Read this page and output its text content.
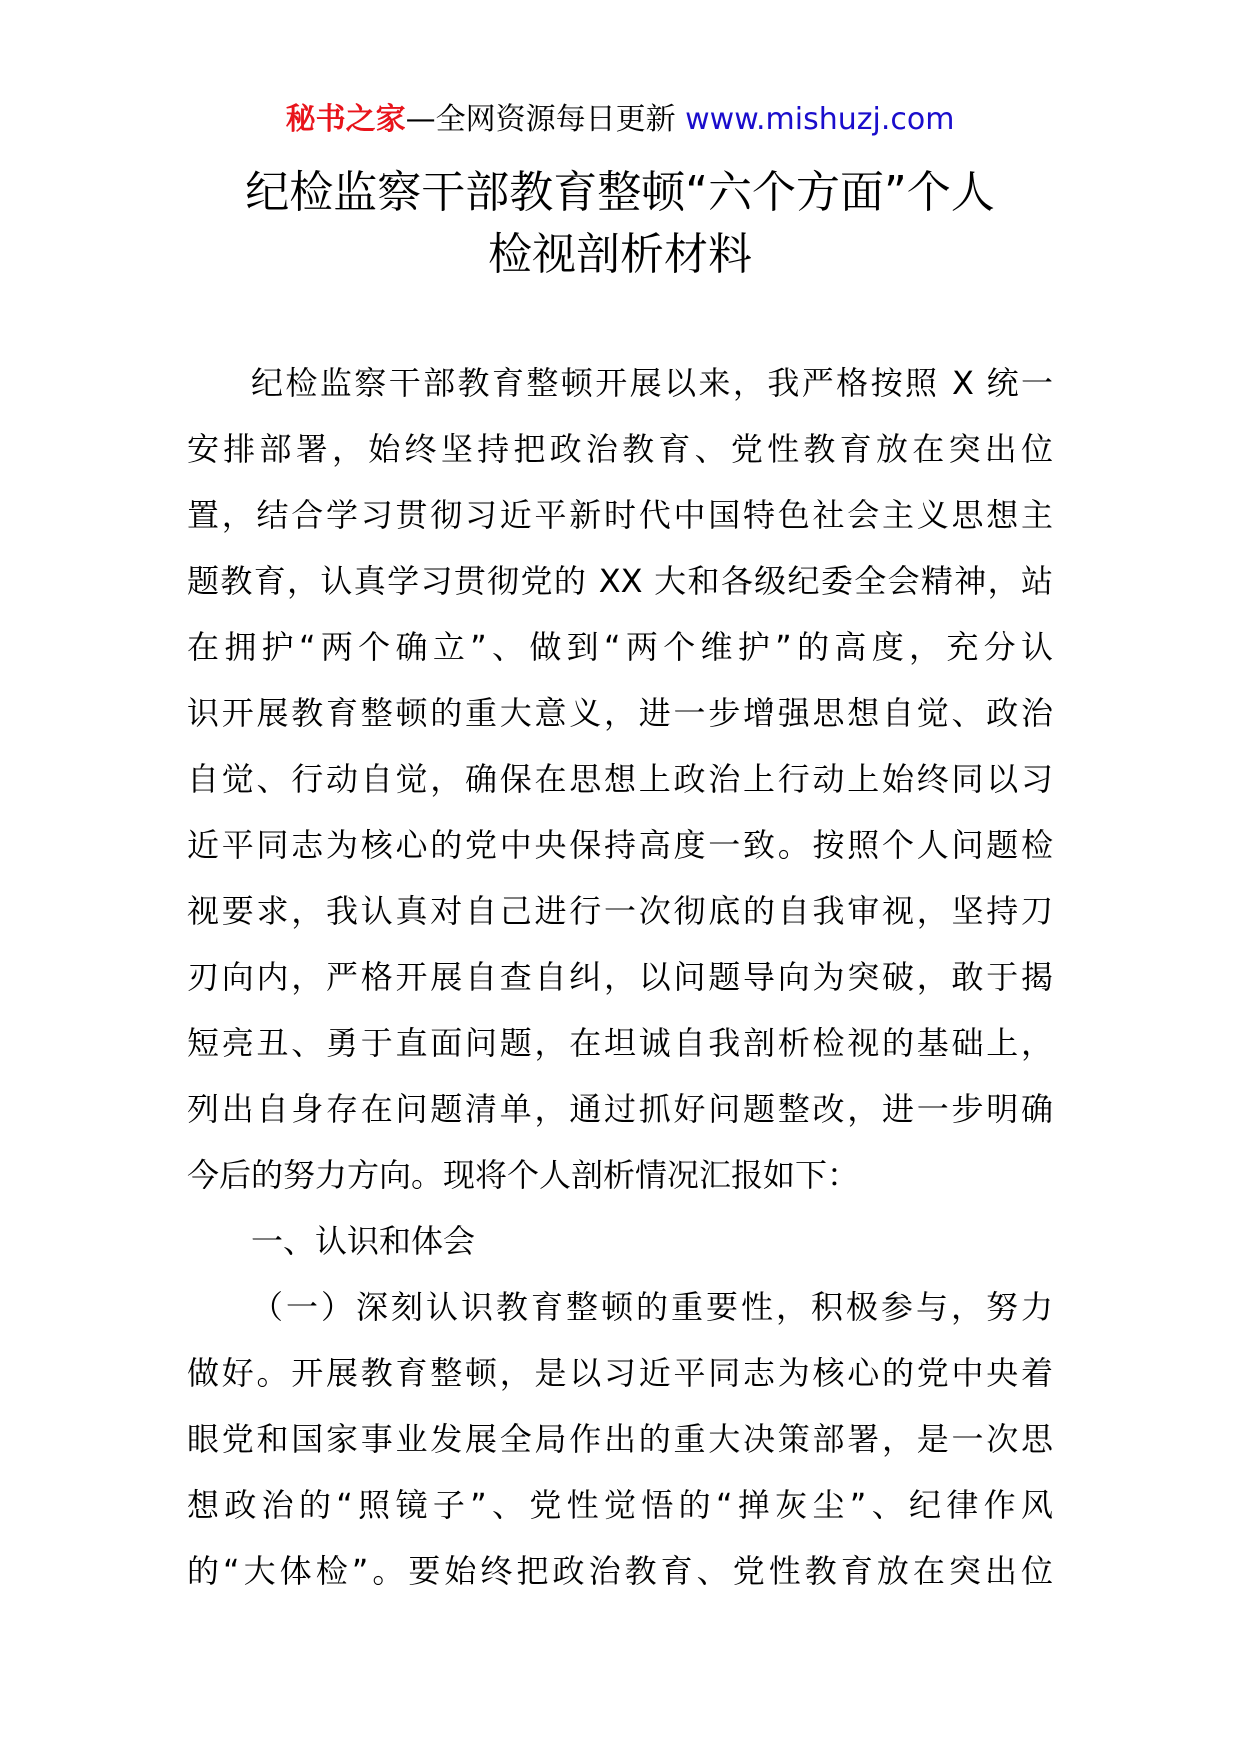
秘书之家—全网资源每日更新 www.mishuzj.com
纪检监察干部教育整顿“六个方面”个人
检视剖析材料
纪检监察干部教育整顿开展以来，我严格按照 X 统一
安排部署，始终坚持把政治教育、党性教育放在突出位
置，结合学习贯彻习近平新时代中国特色社会主义思想主
题教育，认真学习贯彻党的 XX 大和各级纪委全会精神，站
在拥护“两个确立”、做到“两个维护”的高度，充分认
识开展教育整顿的重大意义，进一步增强思想自觉、政治
自觉、行动自觉，确保在思想上政治上行动上始终同以习
近平同志为核心的党中央保持高度一致。按照个人问题检
视要求，我认真对自己进行一次彻底的自我审视，坚持刀
刃向内，严格开展自查自纠，以问题导向为突破，敢于揭
短亮丑、勇于直面问题，在坦诚自我剖析检视的基础上，
列出自身存在问题清单，通过抓好问题整改，进一步明确
今后的努力方向。现将个人剖析情况汇报如下：
一、认识和体会
（一）深刻认识教育整顿的重要性，积极参与，努力
做好。开展教育整顿，是以习近平同志为核心的党中央着
眼党和国家事业发展全局作出的重大决策部署，是一次思
想政治的“照镜子”、党性觉悟的“掸灰尘”、纪律作风
的“大体检”。要始终把政治教育、党性教育放在突出位
